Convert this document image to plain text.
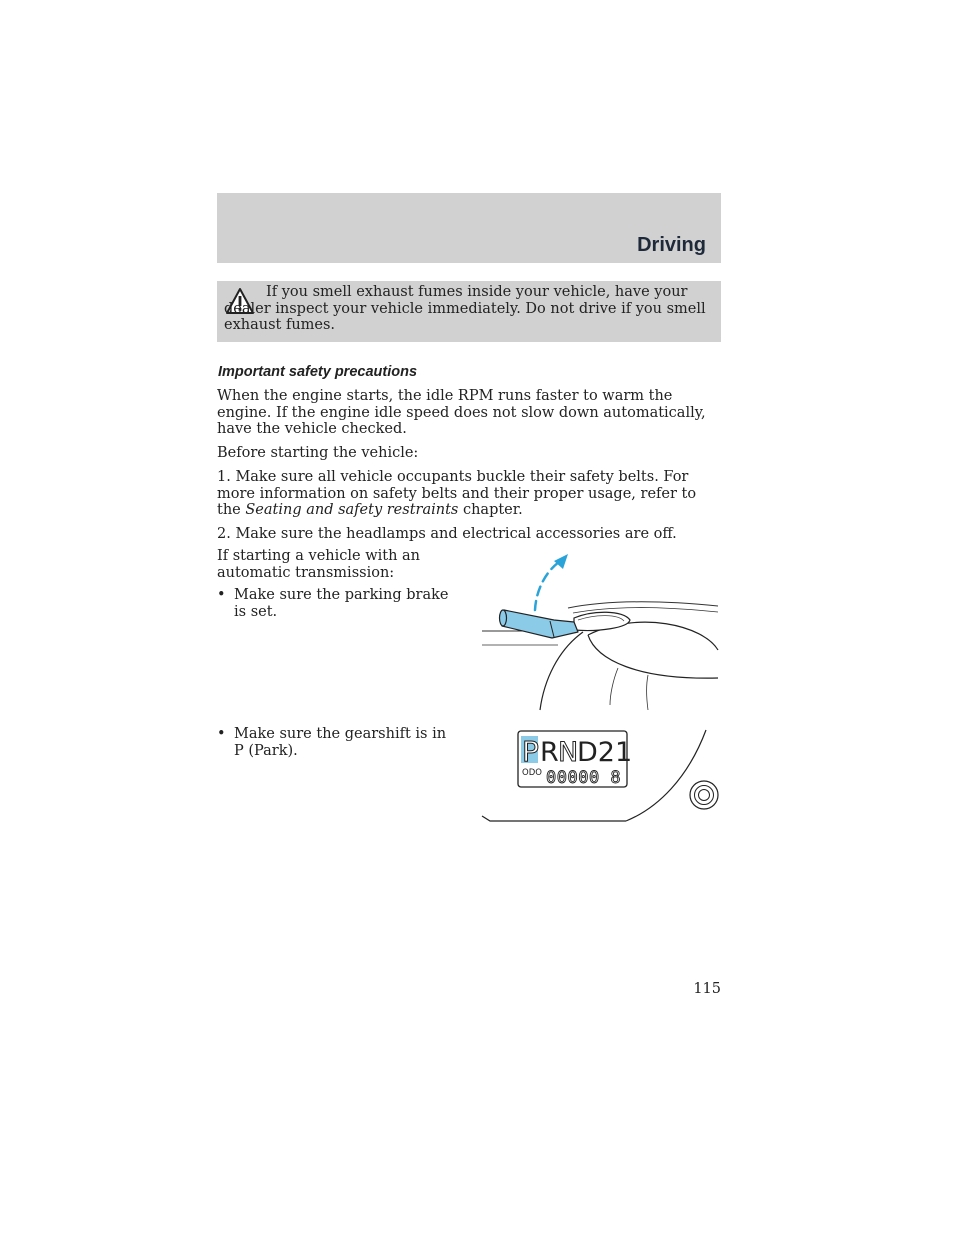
Driving
If you smell exhaust fumes inside your vehicle, have your dealer inspect your vehicle immediately. Do not drive if you smell exhaust fumes.
Important safety precautions
When the engine starts, the idle RPM runs faster to warm the engine. If the engine idle speed does not slow down automatically, have the vehicle checked.
Before starting the vehicle:
1. Make sure all vehicle occupants buckle their safety belts. For more information on safety belts and their proper usage, refer to the Seating and safety restraints chapter.
2. Make sure the headlamps and electrical accessories are off.
If starting a vehicle with an automatic transmission:
• Make sure the parking brake is set.
• Make sure the gearshift is in P (Park).	P R N
D21
ODO 00000 8
115
